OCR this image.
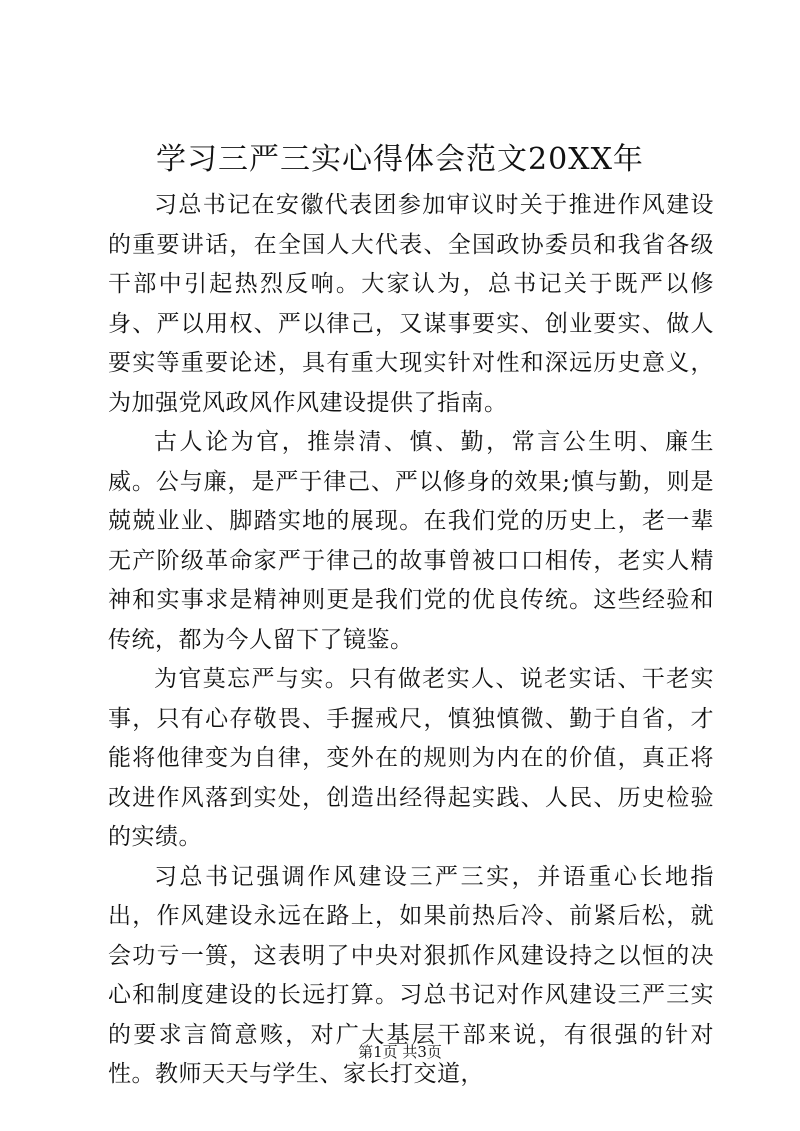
学习三严三实心得体会范文20XX年

习总书记在安徽代表团参加审议时关于推进作风建设的重要讲话，在全国人大代表、全国政协委员和我省各级干部中引起热烈反响。大家认为，总书记关于既严以修身、严以用权、严以律己，又谋事要实、创业要实、做人要实等重要论述，具有重大现实针对性和深远历史意义，为加强党风政风作风建设提供了指南。

古人论为官，推崇清、慎、勤，常言公生明、廉生威。公与廉，是严于律己、严以修身的效果;慎与勤，则是兢兢业业、脚踏实地的展现。在我们党的历史上，老一辈无产阶级革命家严于律己的故事曾被口口相传，老实人精神和实事求是精神则更是我们党的优良传统。这些经验和传统，都为今人留下了镜鉴。

为官莫忘严与实。只有做老实人、说老实话、干老实事，只有心存敬畏、手握戒尺，慎独慎微、勤于自省，才能将他律变为自律，变外在的规则为内在的价值，真正将改进作风落到实处，创造出经得起实践、人民、历史检验的实绩。

习总书记强调作风建设三严三实，并语重心长地指出，作风建设永远在路上，如果前热后冷、前紧后松，就会功亏一篑，这表明了中央对狠抓作风建设持之以恒的决心和制度建设的长远打算。习总书记对作风建设三严三实的要求言简意赅，对广大基层干部来说，有很强的针对性。教师天天与学生、家长打交道，

第1页 共3页
